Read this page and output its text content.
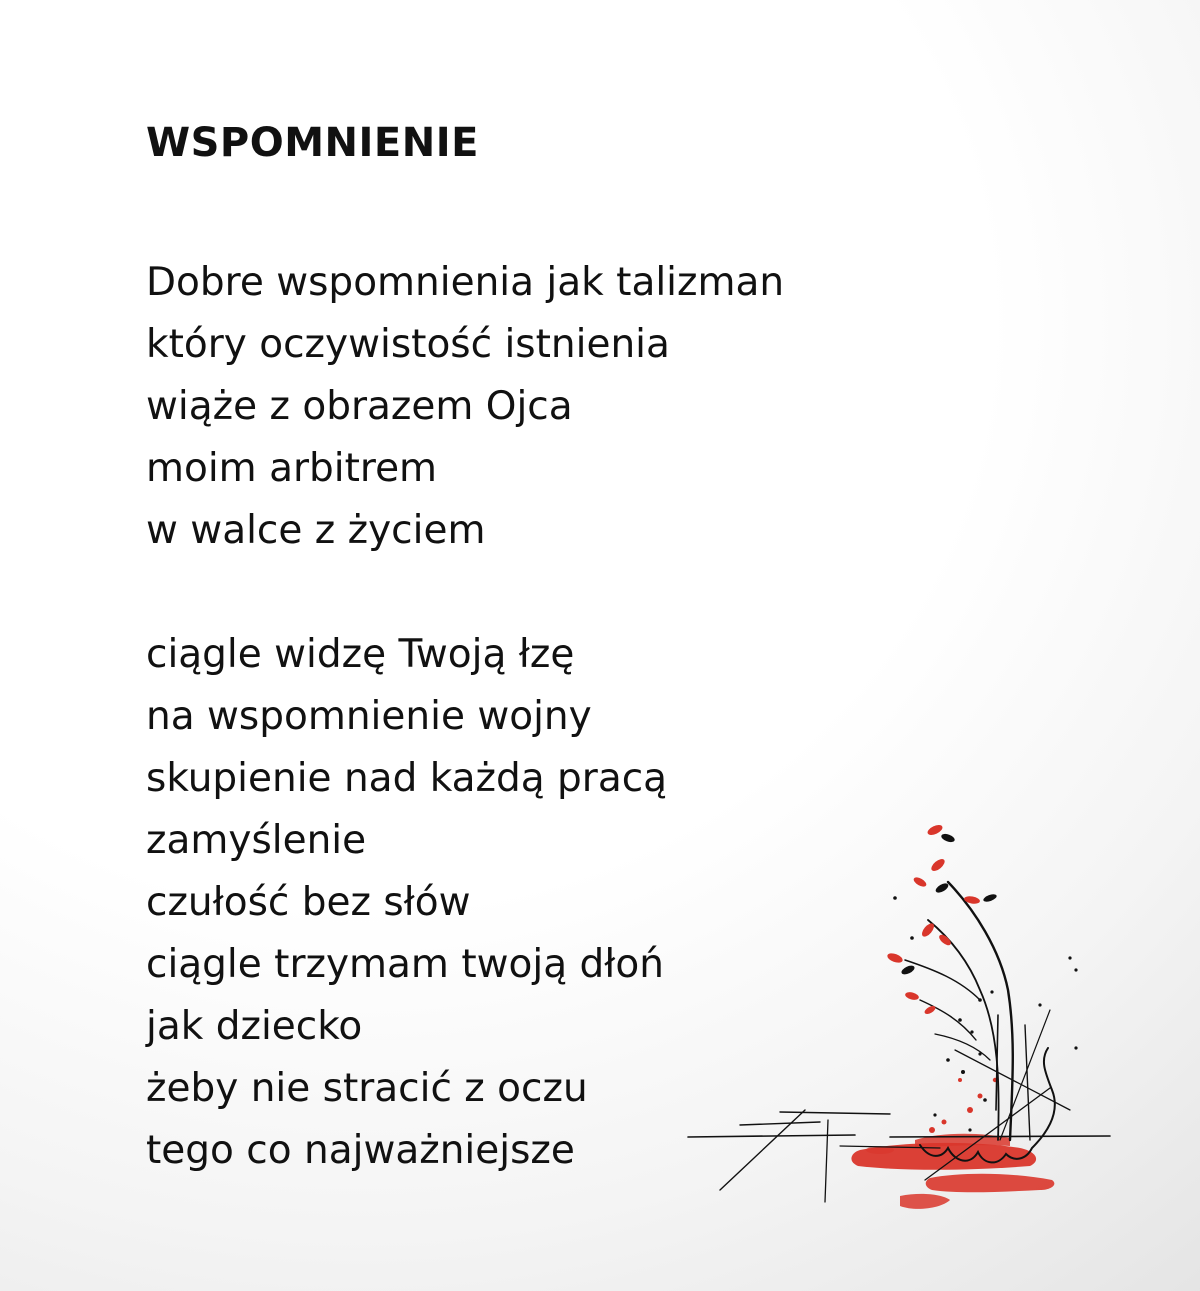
WSPOMNIENIE
Dobre wspomnienia jak talizman
który oczywistość istnienia
wiąże z obrazem Ojca
moim arbitrem
w walce z życiem
ciągle widzę Twoją łzę
na wspomnienie wojny
skupienie nad każdą pracą
zamyślenie
czułość bez słów
ciągle trzymam twoją dłoń
jak dziecko
żeby nie stracić z oczu
tego co najważniejsze
